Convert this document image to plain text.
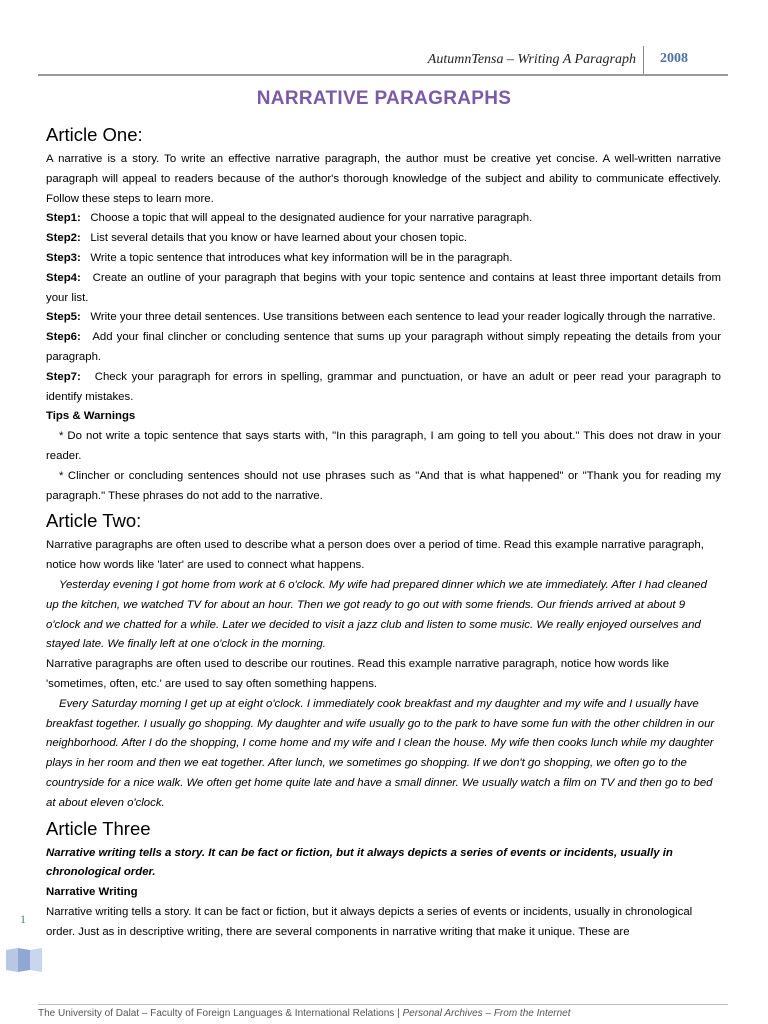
AutumnTensa – Writing A Paragraph 2008
NARRATIVE PARAGRAPHS
Article One:

A narrative is a story. To write an effective narrative paragraph, the author must be creative yet concise. A well-written narrative paragraph will appeal to readers because of the author's thorough knowledge of the subject and ability to communicate effectively. Follow these steps to learn more.

Step1: Choose a topic that will appeal to the designated audience for your narrative paragraph.

Step2: List several details that you know or have learned about your chosen topic.

Step3: Write a topic sentence that introduces what key information will be in the paragraph.

Step4: Create an outline of your paragraph that begins with your topic sentence and contains at least three important details from your list.

Step5: Write your three detail sentences. Use transitions between each sentence to lead your reader logically through the narrative.

Step6: Add your final clincher or concluding sentence that sums up your paragraph without simply repeating the details from your paragraph.

Step7: Check your paragraph for errors in spelling, grammar and punctuation, or have an adult or peer read your paragraph to identify mistakes.

Tips & Warnings

* Do not write a topic sentence that says starts with, "In this paragraph, I am going to tell you about." This does not draw in your reader.

* Clincher or concluding sentences should not use phrases such as "And that is what happened" or "Thank you for reading my paragraph." These phrases do not add to the narrative.

Article Two:

Narrative paragraphs are often used to describe what a person does over a period of time. Read this example narrative paragraph, notice how words like 'later' are used to connect what happens.

Yesterday evening I got home from work at 6 o'clock. My wife had prepared dinner which we ate immediately. After I had cleaned up the kitchen, we watched TV for about an hour. Then we got ready to go out with some friends. Our friends arrived at about 9 o'clock and we chatted for a while. Later we decided to visit a jazz club and listen to some music. We really enjoyed ourselves and stayed late. We finally left at one o'clock in the morning.

Narrative paragraphs are often used to describe our routines. Read this example narrative paragraph, notice how words like 'sometimes, often, etc.' are used to say often something happens.

Every Saturday morning I get up at eight o'clock. I immediately cook breakfast and my daughter and my wife and I usually have breakfast together. I usually go shopping. My daughter and wife usually go to the park to have some fun with the other children in our neighborhood. After I do the shopping, I come home and my wife and I clean the house. My wife then cooks lunch while my daughter plays in her room and then we eat together. After lunch, we sometimes go shopping. If we don't go shopping, we often go to the countryside for a nice walk. We often get home quite late and have a small dinner. We usually watch a film on TV and then go to bed at about eleven o'clock.

Article Three

Narrative writing tells a story. It can be fact or fiction, but it always depicts a series of events or incidents, usually in chronological order.

Narrative Writing

Narrative writing tells a story. It can be fact or fiction, but it always depicts a series of events or incidents, usually in chronological order. Just as in descriptive writing, there are several components in narrative writing that make it unique. These are

1
The University of Dalat – Faculty of Foreign Languages & International Relations | Personal Archives – From the Internet
